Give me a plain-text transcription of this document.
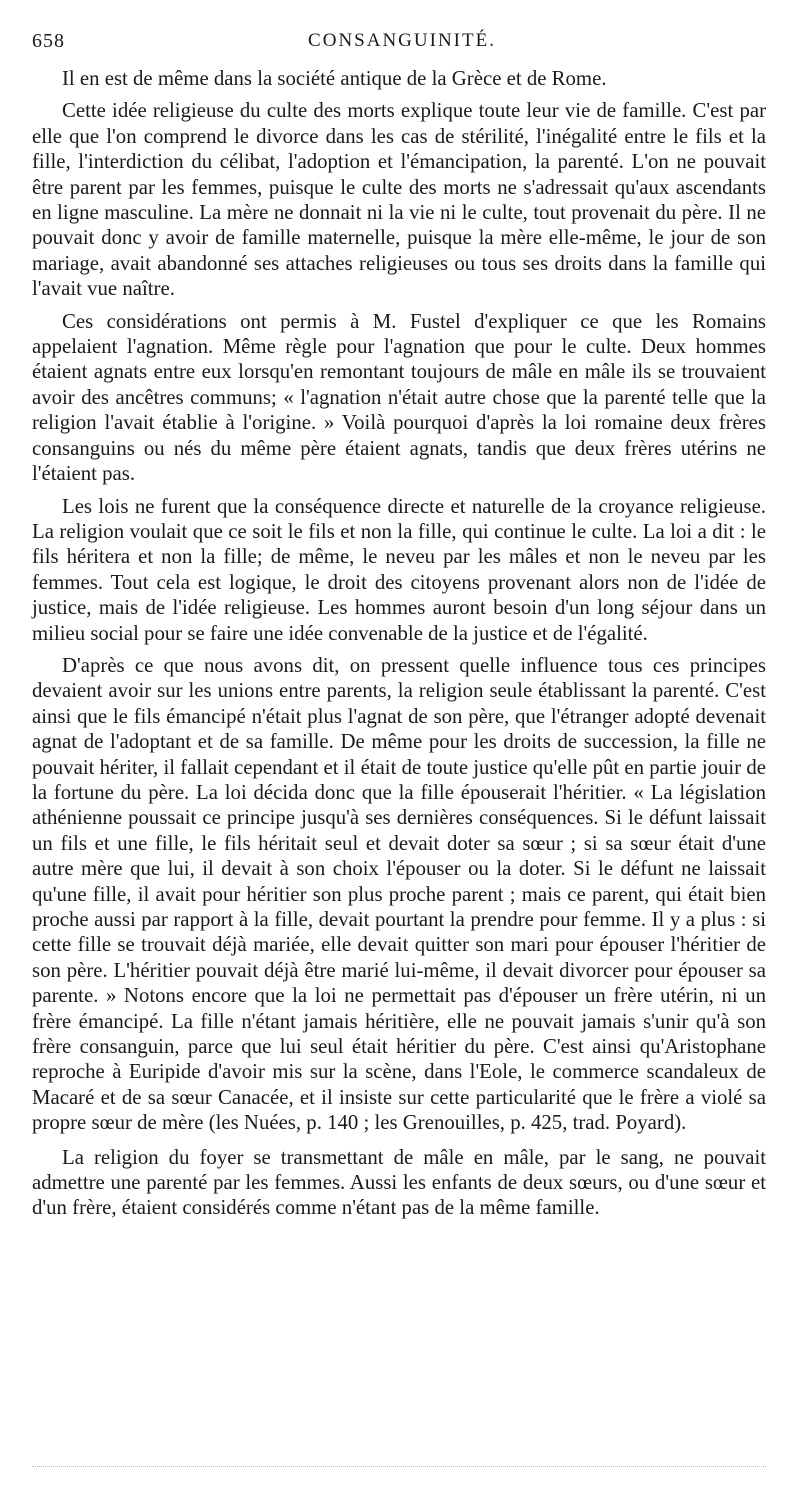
658	CONSANGUINITÉ.

Il en est de même dans la société antique de la Grèce et de Rome.

Cette idée religieuse du culte des morts explique toute leur vie de famille. C'est par elle que l'on comprend le divorce dans les cas de stérilité, l'inégalité entre le fils et la fille, l'interdiction du célibat, l'adoption et l'émancipation, la parenté. L'on ne pouvait être parent par les femmes, puisque le culte des morts ne s'adressait qu'aux ascendants en ligne masculine. La mère ne donnait ni la vie ni le culte, tout provenait du père. Il ne pouvait donc y avoir de famille maternelle, puisque la mère elle-même, le jour de son mariage, avait abandonné ses attaches religieuses ou tous ses droits dans la famille qui l'avait vue naître.

Ces considérations ont permis à M. Fustel d'expliquer ce que les Romains appelaient l'agnation. Même règle pour l'agnation que pour le culte. Deux hommes étaient agnats entre eux lorsqu'en remontant toujours de mâle en mâle ils se trouvaient avoir des ancêtres communs; « l'agnation n'était autre chose que la parenté telle que la religion l'avait établie à l'origine. » Voilà pourquoi d'après la loi romaine deux frères consanguins ou nés du même père étaient agnats, tandis que deux frères utérins ne l'étaient pas.

Les lois ne furent que la conséquence directe et naturelle de la croyance religieuse. La religion voulait que ce soit le fils et non la fille, qui continue le culte. La loi a dit : le fils héritera et non la fille; de même, le neveu par les mâles et non le neveu par les femmes. Tout cela est logique, le droit des citoyens provenant alors non de l'idée de justice, mais de l'idée religieuse. Les hommes auront besoin d'un long séjour dans un milieu social pour se faire une idée convenable de la justice et de l'égalité.

D'après ce que nous avons dit, on pressent quelle influence tous ces principes devaient avoir sur les unions entre parents, la religion seule établissant la parenté. C'est ainsi que le fils émancipé n'était plus l'agnat de son père, que l'étranger adopté devenait agnat de l'adoptant et de sa famille. De même pour les droits de succession, la fille ne pouvait hériter, il fallait cependant et il était de toute justice qu'elle pût en partie jouir de la fortune du père. La loi décida donc que la fille épouserait l'héritier. « La législation athénienne poussait ce principe jusqu'à ses dernières conséquences. Si le défunt laissait un fils et une fille, le fils héritait seul et devait doter sa sœur ; si sa sœur était d'une autre mère que lui, il devait à son choix l'épouser ou la doter. Si le défunt ne laissait qu'une fille, il avait pour héritier son plus proche parent ; mais ce parent, qui était bien proche aussi par rapport à la fille, devait pourtant la prendre pour femme. Il y a plus : si cette fille se trouvait déjà mariée, elle devait quitter son mari pour épouser l'héritier de son père. L'héritier pouvait déjà être marié lui-même, il devait divorcer pour épouser sa parente. » Notons encore que la loi ne permettait pas d'épouser un frère utérin, ni un frère émancipé. La fille n'étant jamais héritière, elle ne pouvait jamais s'unir qu'à son frère consanguin, parce que lui seul était héritier du père. C'est ainsi qu'Aristophane reproche à Euripide d'avoir mis sur la scène, dans l'Eole, le commerce scandaleux de Macaré et de sa sœur Canacée, et il insiste sur cette particularité que le frère a violé sa propre sœur de mère (les Nuées, p. 140 ; les Grenouilles, p. 425, trad. Poyard).

La religion du foyer se transmettant de mâle en mâle, par le sang, ne pouvait admettre une parenté par les femmes. Aussi les enfants de deux sœurs, ou d'une sœur et d'un frère, étaient considérés comme n'étant pas de la même famille.
